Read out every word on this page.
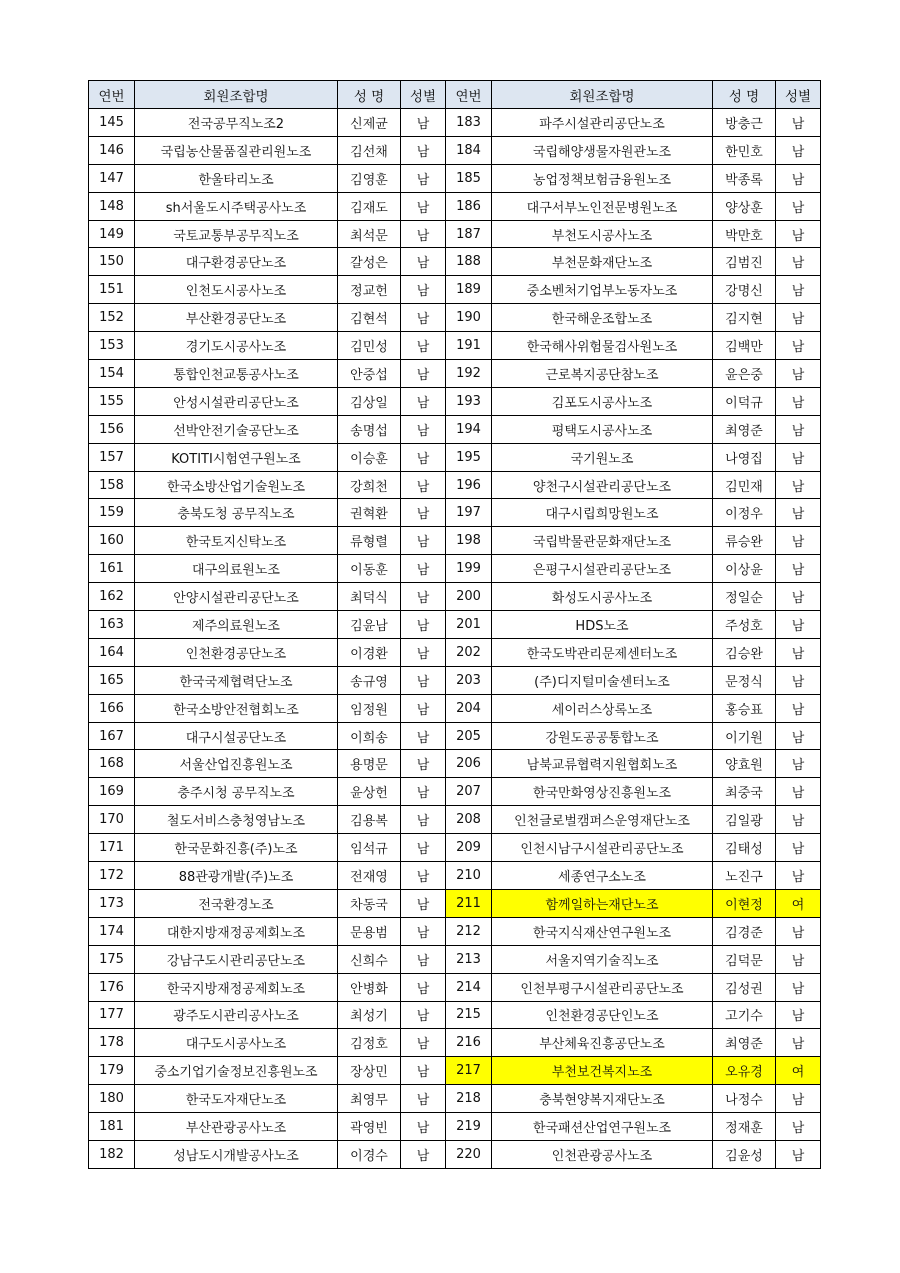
연번	회원조합명	성 명	성별	연번	회원조합명	성 명	성별
145	전국공무직노조2	신제균	남	183	파주시설관리공단노조	방충근	남
146	국립농산물품질관리원노조	김선채	남	184	국립해양생물자원관노조	한민호	남
147	한울타리노조	김영훈	남	185	농업정책보험금융원노조	박종록	남
148	sh서울도시주택공사노조	김재도	남	186	대구서부노인전문병원노조	양상훈	남
149	국토교통부공무직노조	최석문	남	187	부천도시공사노조	박만호	남
150	대구환경공단노조	갈성은	남	188	부천문화재단노조	김범진	남
151	인천도시공사노조	정교헌	남	189	중소벤처기업부노동자노조	강명신	남
152	부산환경공단노조	김현석	남	190	한국해운조합노조	김지현	남
153	경기도시공사노조	김민성	남	191	한국해사위험물검사원노조	김백만	남
154	통합인천교통공사노조	안중섭	남	192	근로복지공단참노조	윤은중	남
155	안성시설관리공단노조	김상일	남	193	김포도시공사노조	이덕규	남
156	선박안전기술공단노조	송명섭	남	194	평택도시공사노조	최영준	남
157	KOTITI시험연구원노조	이승훈	남	195	국기원노조	나영집	남
158	한국소방산업기술원노조	강희천	남	196	양천구시설관리공단노조	김민재	남
159	충북도청 공무직노조	권혁환	남	197	대구시립희망원노조	이정우	남
160	한국토지신탁노조	류형렬	남	198	국립박물관문화재단노조	류승완	남
161	대구의료원노조	이동훈	남	199	은평구시설관리공단노조	이상윤	남
162	안양시설관리공단노조	최덕식	남	200	화성도시공사노조	정일순	남
163	제주의료원노조	김윤남	남	201	HDS노조	주성호	남
164	인천환경공단노조	이경환	남	202	한국도박관리문제센터노조	김승완	남
165	한국국제협력단노조	송규영	남	203	(주)디지털미술센터노조	문정식	남
166	한국소방안전협회노조	임정원	남	204	세이러스상록노조	홍승표	남
167	대구시설공단노조	이희송	남	205	강원도공공통합노조	이기원	남
168	서울산업진흥원노조	용명문	남	206	남북교류협력지원협회노조	양효원	남
169	충주시청 공무직노조	윤상헌	남	207	한국만화영상진흥원노조	최중국	남
170	철도서비스충청영남노조	김용복	남	208	인천글로벌캠퍼스운영재단노조	김일광	남
171	한국문화진흥(주)노조	임석규	남	209	인천시남구시설관리공단노조	김태성	남
172	88관광개발(주)노조	전재영	남	210	세종연구소노조	노진구	남
173	전국환경노조	차동국	남	211	함께일하는재단노조	이현정	여
174	대한지방재정공제회노조	문용범	남	212	한국지식재산연구원노조	김경준	남
175	강남구도시관리공단노조	신희수	남	213	서울지역기술직노조	김덕문	남
176	한국지방재정공제회노조	안병화	남	214	인천부평구시설관리공단노조	김성권	남
177	광주도시관리공사노조	최성기	남	215	인천환경공단인노조	고기수	남
178	대구도시공사노조	김정호	남	216	부산체육진흥공단노조	최영준	남
179	중소기업기술정보진흥원노조	장상민	남	217	부천보건복지노조	오유경	여
180	한국도자재단노조	최영무	남	218	충북현양복지재단노조	나정수	남
181	부산관광공사노조	곽영빈	남	219	한국패션산업연구원노조	정재훈	남
182	성남도시개발공사노조	이경수	남	220	인천관광공사노조	김윤성	남
